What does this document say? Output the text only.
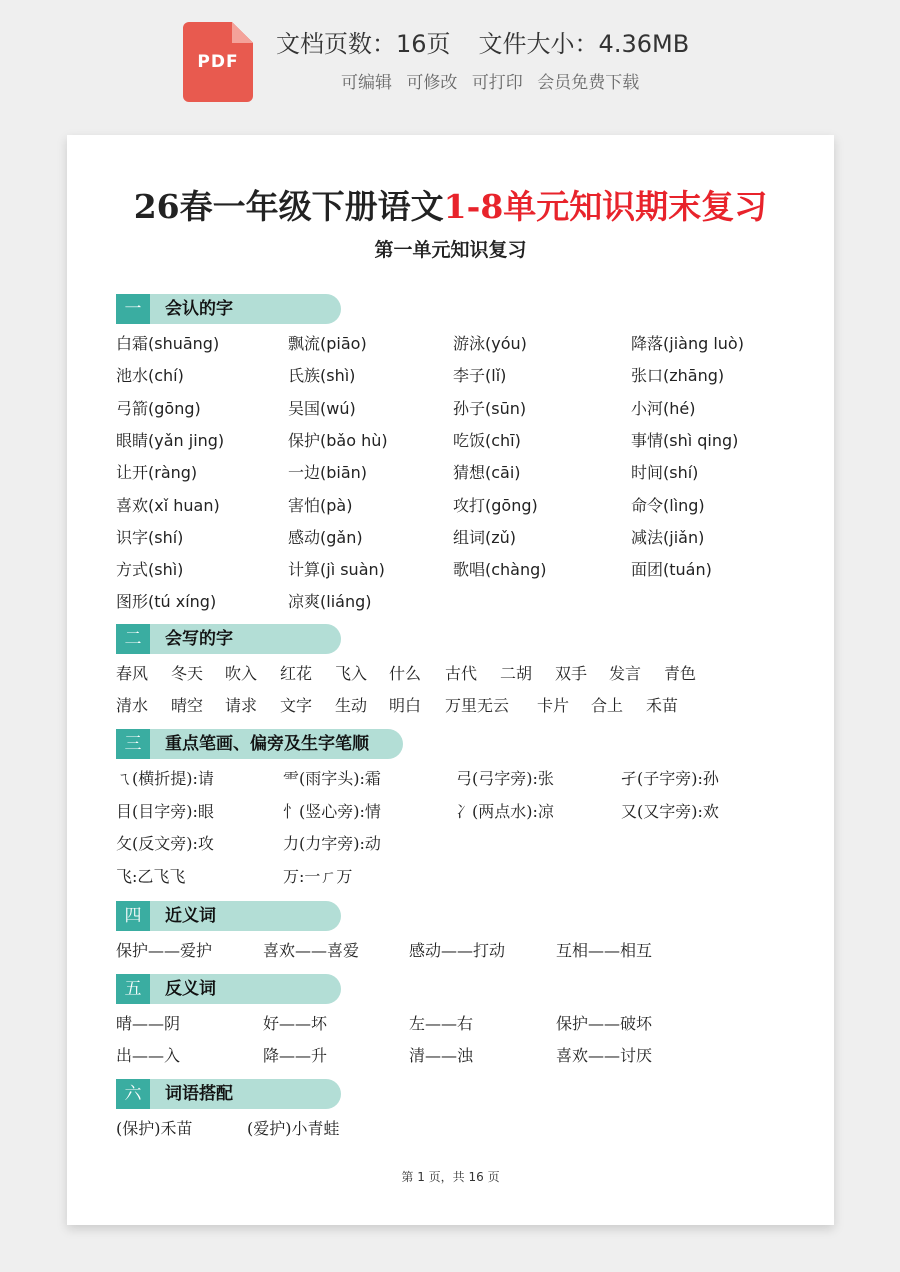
PDF
文档页数：16页 文件大小：4.36MB
可编辑 可修改 可打印 会员免费下载
26春一年级下册语文1-8单元知识期末复习
第一单元知识复习
一	会认的字
白霜(shuāng)	飘流(piāo)	游泳(yóu)	降落(jiàng luò)
池水(chí)	氏族(shì)	李子(lǐ)	张口(zhāng)
弓箭(gōng)	吴国(wú)	孙子(sūn)	小河(hé)
眼睛(yǎn jing)	保护(bǎo hù)	吃饭(chī)	事情(shì qing)
让开(ràng)	一边(biān)	猜想(cāi)	时间(shí)
喜欢(xǐ huan)	害怕(pà)	攻打(gōng)	命令(lìng)
识字(shí)	感动(gǎn)	组词(zǔ)	减法(jiǎn)
方式(shì)	计算(jì suàn)	歌唱(chàng)	面团(tuán)
图形(tú xíng)	凉爽(liáng)
二	会写的字
春风 冬天 吹入 红花 飞入 什么 古代 二胡 双手 发言 青色
清水 晴空 请求 文字 生动 明白 万里无云 卡片 合上 禾苗
三	重点笔画、偏旁及生字笔顺
ㄟ(横折提):请	⻗(雨字头):霜	弓(弓字旁):张	孑(子字旁):孙
目(目字旁):眼	忄(竖心旁):情	冫(两点水):凉	又(又字旁):欢
攵(反文旁):攻	力(力字旁):动
飞:乙飞飞	万:一ㄏ万
四	近义词
保护——爱护	喜欢——喜爱	感动——打动	互相——相互
五	反义词
晴——阴	好——坏	左——右	保护——破坏
出——入	降——升	清——浊	喜欢——讨厌
六	词语搭配
(保护)禾苗	(爱护)小青蛙
第 1 页，共 16 页
